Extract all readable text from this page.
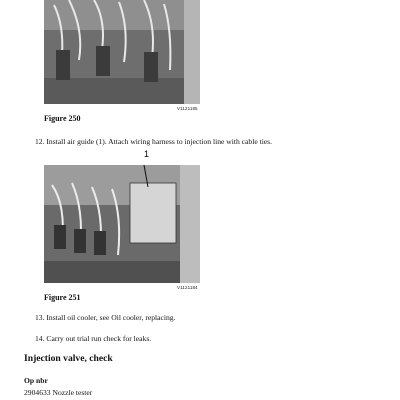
V1121185
Figure 250
12. Install air guide (1). Attach wiring harness to injection line with cable ties.
1
V1121184
Figure 251
13. Install oil cooler, see Oil cooler, replacing.
14. Carry out trial run check for leaks.
Injection valve, check
Op nbr
2904633 Nozzle tester
